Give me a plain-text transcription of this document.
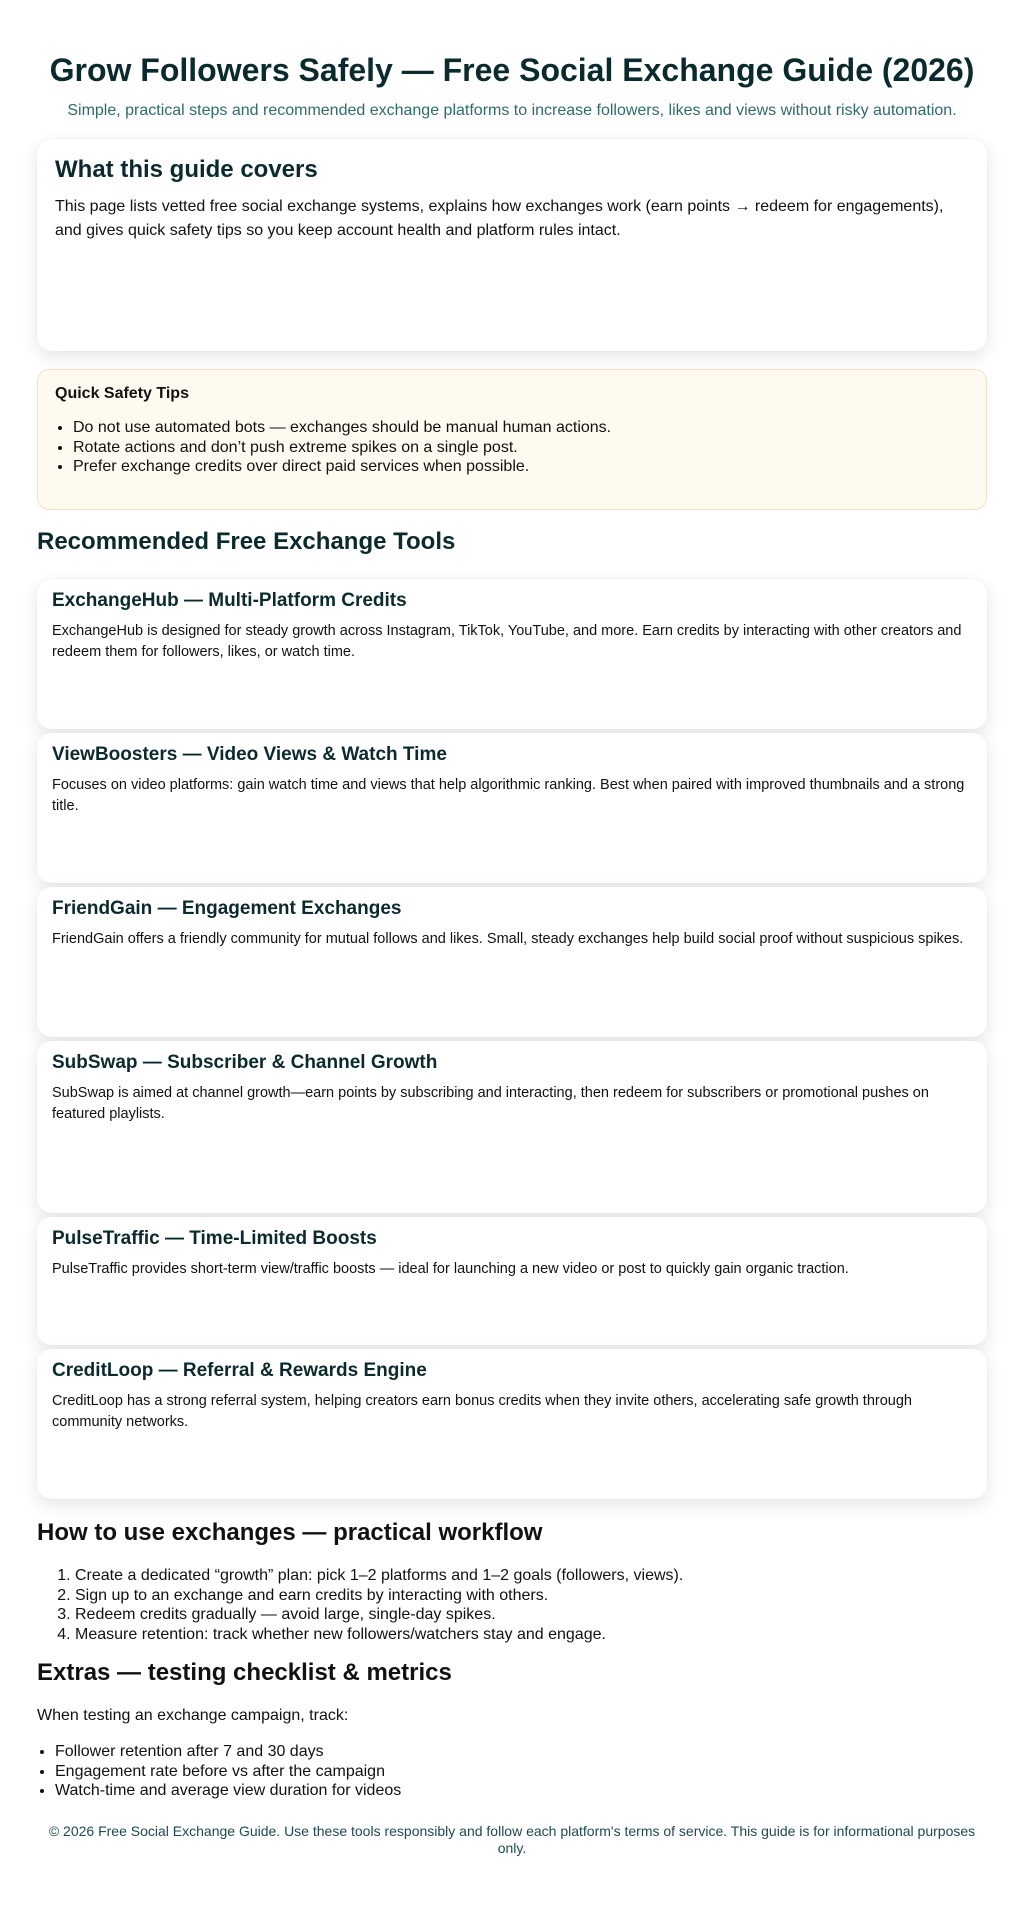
Grow Followers Safely — Free Social Exchange Guide (2026)

Simple, practical steps and recommended exchange platforms to increase followers, likes and views without risky automation.

What this guide covers

This page lists vetted free social exchange systems, explains how exchanges work (earn points → redeem for engagements), and gives quick safety tips so you keep account health and platform rules intact.

Quick Safety Tips
• Do not use automated bots — exchanges should be manual human actions.
• Rotate actions and don’t push extreme spikes on a single post.
• Prefer exchange credits over direct paid services when possible.
Recommended Free Exchange Tools
ExchangeHub — Multi-Platform Credits

ExchangeHub is designed for steady growth across Instagram, TikTok, YouTube, and more. Earn credits by interacting with other creators and redeem them for followers, likes, or watch time.

ViewBoosters — Video Views & Watch Time

Focuses on video platforms: gain watch time and views that help algorithmic ranking. Best when paired with improved thumbnails and a strong title.

FriendGain — Engagement Exchanges

FriendGain offers a friendly community for mutual follows and likes. Small, steady exchanges help build social proof without suspicious spikes.

SubSwap — Subscriber & Channel Growth

SubSwap is aimed at channel growth—earn points by subscribing and interacting, then redeem for subscribers or promotional pushes on featured playlists.

PulseTraffic — Time-Limited Boosts

PulseTraffic provides short-term view/traffic boosts — ideal for launching a new video or post to quickly gain organic traction.

CreditLoop — Referral & Rewards Engine

CreditLoop has a strong referral system, helping creators earn bonus credits when they invite others, accelerating safe growth through community networks.

How to use exchanges — practical workflow
1. Create a dedicated “growth” plan: pick 1–2 platforms and 1–2 goals (followers, views).
2. Sign up to an exchange and earn credits by interacting with others.
3. Redeem credits gradually — avoid large, single-day spikes.
4. Measure retention: track whether new followers/watchers stay and engage.
Extras — testing checklist & metrics

When testing an exchange campaign, track:

• Follower retention after 7 and 30 days
• Engagement rate before vs after the campaign
• Watch-time and average view duration for videos
© 2026 Free Social Exchange Guide. Use these tools responsibly and follow each platform's terms of service. This guide is for informational purposes only.
